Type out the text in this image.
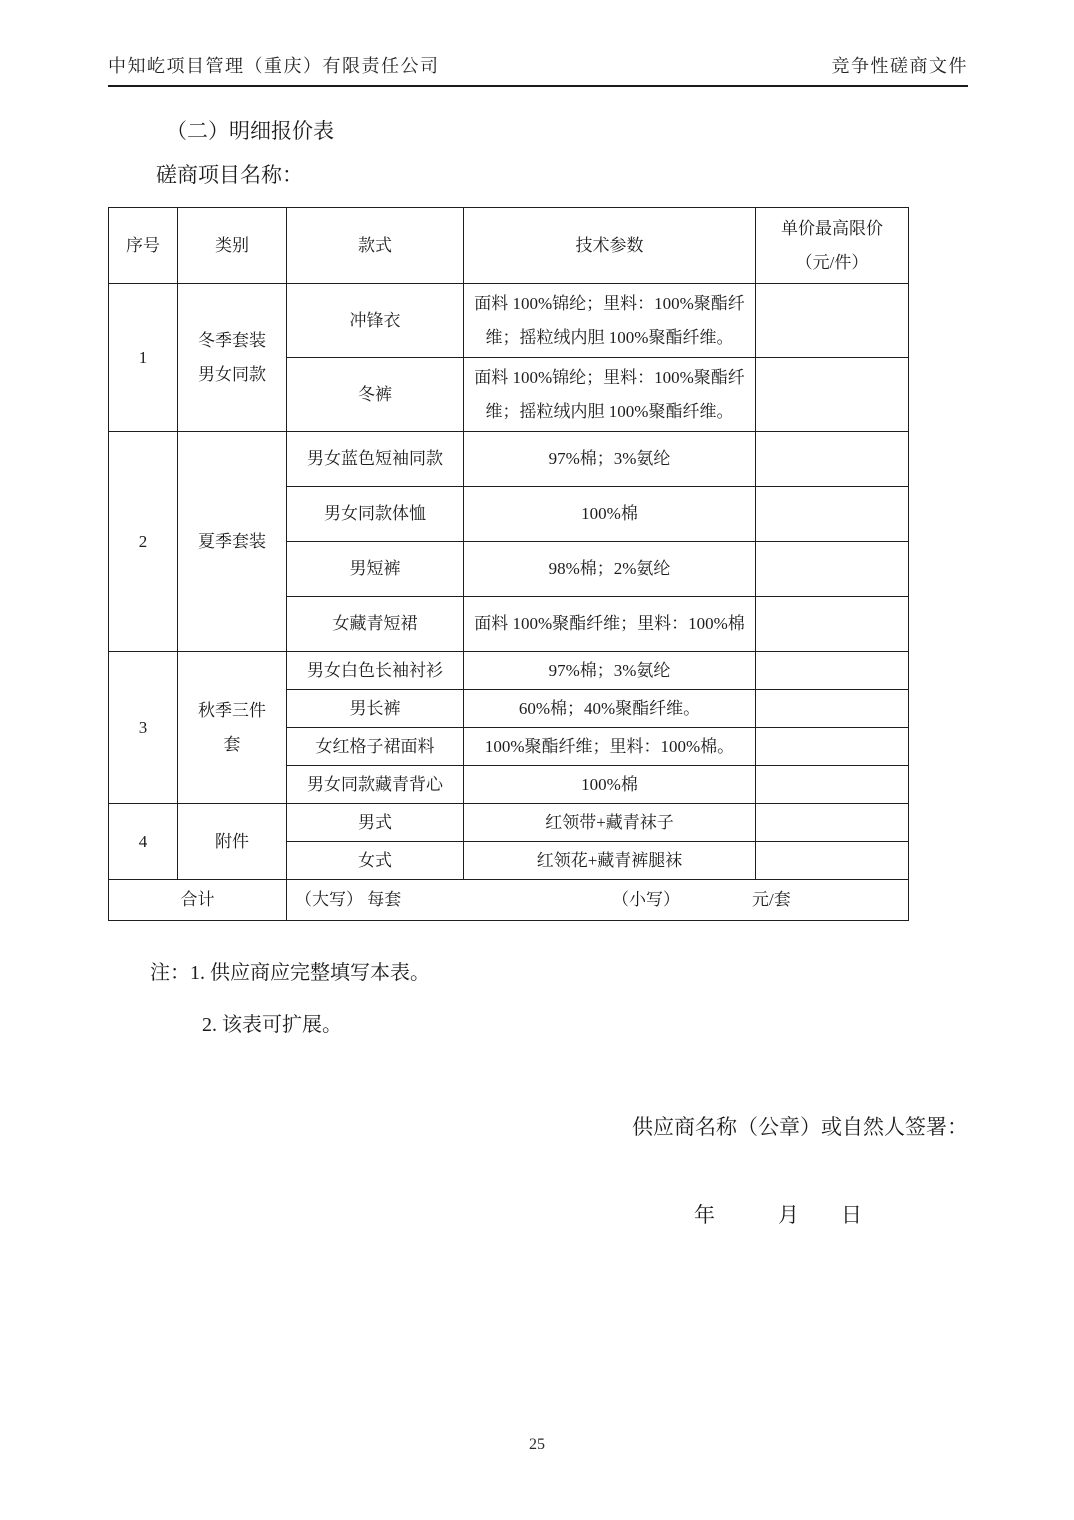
中知屹项目管理（重庆）有限责任公司	竞争性磋商文件
（二）明细报价表
磋商项目名称：
序号	类别	款式	技术参数	单价最高限价
（元/件）

1	冬季套装男女同款	冲锋衣	面料 100%锦纶；里料：100%聚酯纤维；摇粒绒内胆 100%聚酯纤维。	
		冬裤	面料 100%锦纶；里料：100%聚酯纤维；摇粒绒内胆 100%聚酯纤维。	
2	夏季套装	男女蓝色短袖同款	97%棉；3%氨纶	
		男女同款体恤	100%棉	
		男短裤	98%棉；2%氨纶	
		女藏青短裙	面料 100%聚酯纤维；里料：100%棉	
3	秋季三件套	男女白色长袖衬衫	97%棉；3%氨纶	
		男长裤	60%棉；40%聚酯纤维。	
		女红格子裙面料	100%聚酯纤维；里料：100%棉。	
		男女同款藏青背心	100%棉	
4	附件	男式	红领带+藏青袜子	
		女式	红领花+藏青裤腿袜	
合计		（大写） 每套 （小写） 元/套		
注：1. 供应商应完整填写本表。
2. 该表可扩展。
供应商名称（公章）或自然人签署：
年　　　月　　日
25
